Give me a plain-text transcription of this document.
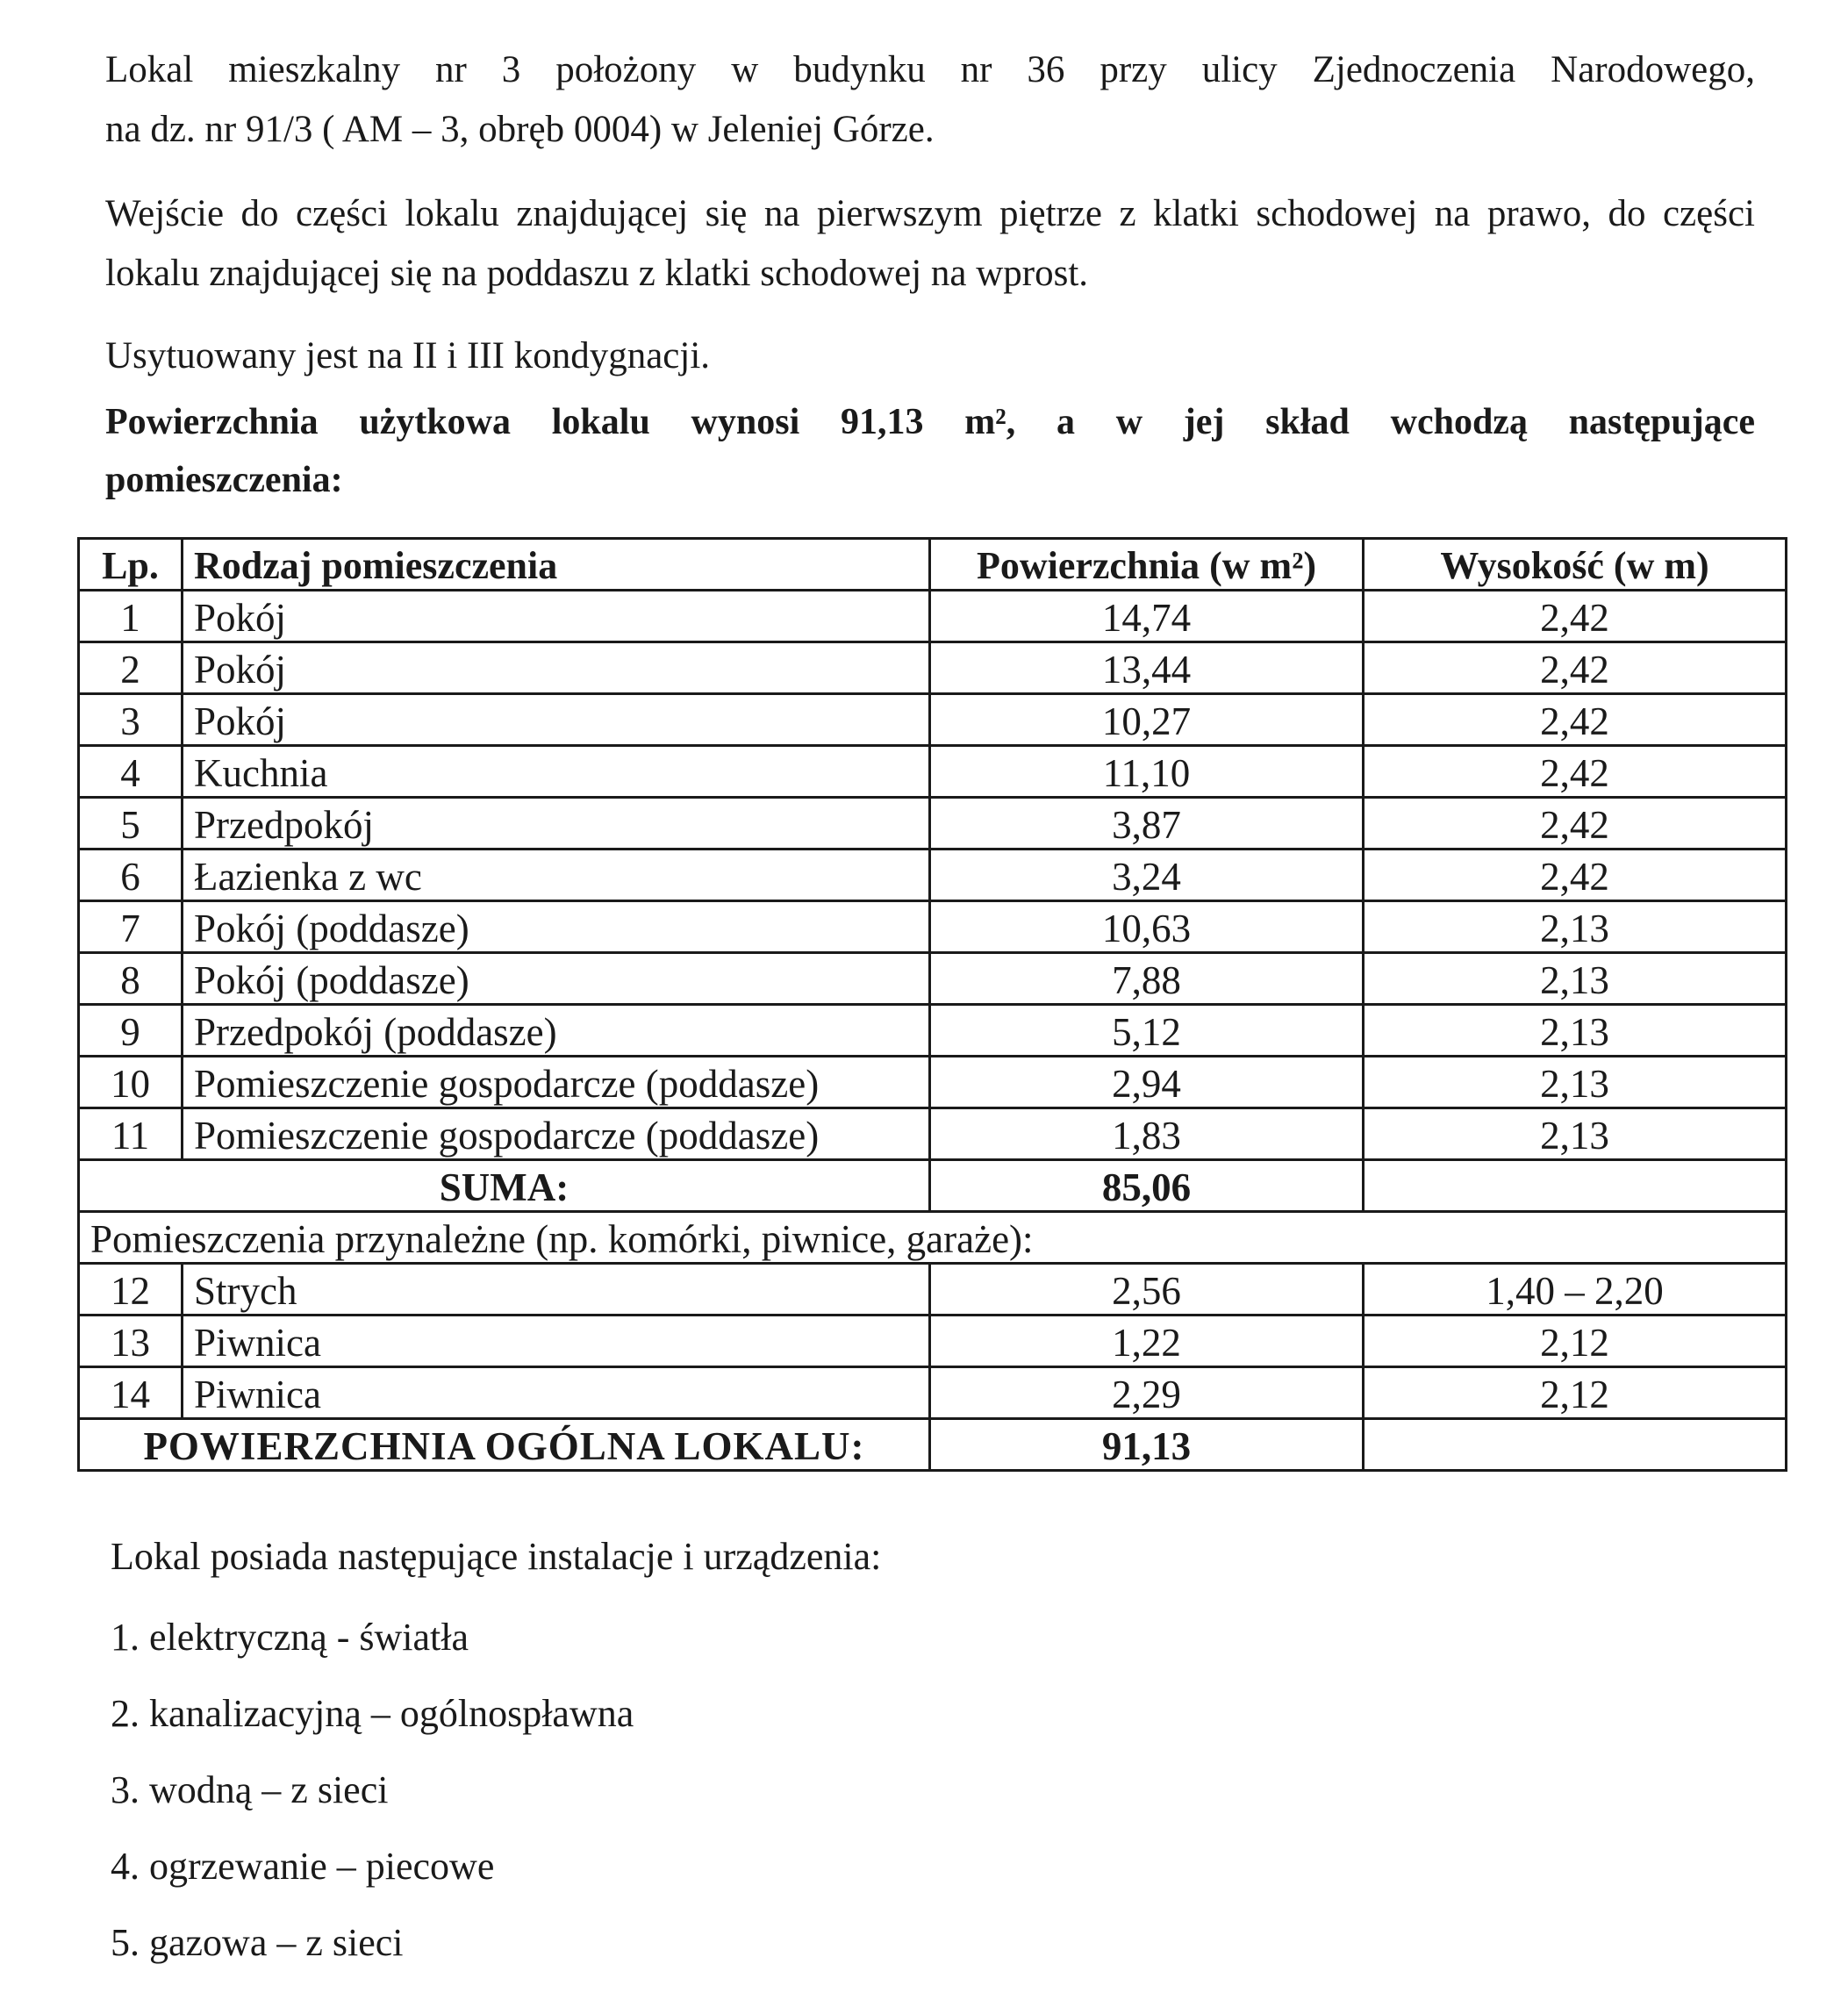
Lokal mieszkalny nr 3 położony w budynku nr 36 przy ulicy Zjednoczenia Narodowego,
na dz. nr 91/3 ( AM – 3, obręb 0004) w Jeleniej Górze.

Wejście do części lokalu znajdującej się na pierwszym piętrze z klatki schodowej na prawo, do części
lokalu znajdującej się na poddaszu z klatki schodowej na wprost.

Usytuowany jest na II i III kondygnacji.

Powierzchnia użytkowa lokalu wynosi 91,13 m², a w jej skład wchodzą następujące
pomieszczenia:

Lp.	Rodzaj pomieszczenia	Powierzchnia (w m²)	Wysokość (w m)
1	Pokój	14,74	2,42
2	Pokój	13,44	2,42
3	Pokój	10,27	2,42
4	Kuchnia	11,10	2,42
5	Przedpokój	3,87	2,42
6	Łazienka z wc	3,24	2,42
7	Pokój (poddasze)	10,63	2,13
8	Pokój (poddasze)	7,88	2,13
9	Przedpokój (poddasze)	5,12	2,13
10	Pomieszczenie gospodarcze (poddasze)	2,94	2,13
11	Pomieszczenie gospodarcze (poddasze)	1,83	2,13
SUMA:		85,06	
Pomieszczenia przynależne (np. komórki, piwnice, garaże):			
12	Strych	2,56	1,40 – 2,20
13	Piwnica	1,22	2,12
14	Piwnica	2,29	2,12
POWIERZCHNIA OGÓLNA LOKALU:		91,13	

Lokal posiada następujące instalacje i urządzenia:

1. elektryczną - światła
2. kanalizacyjną – ogólnospławna
3. wodną – z sieci
4. ogrzewanie – piecowe
5. gazowa – z sieci
